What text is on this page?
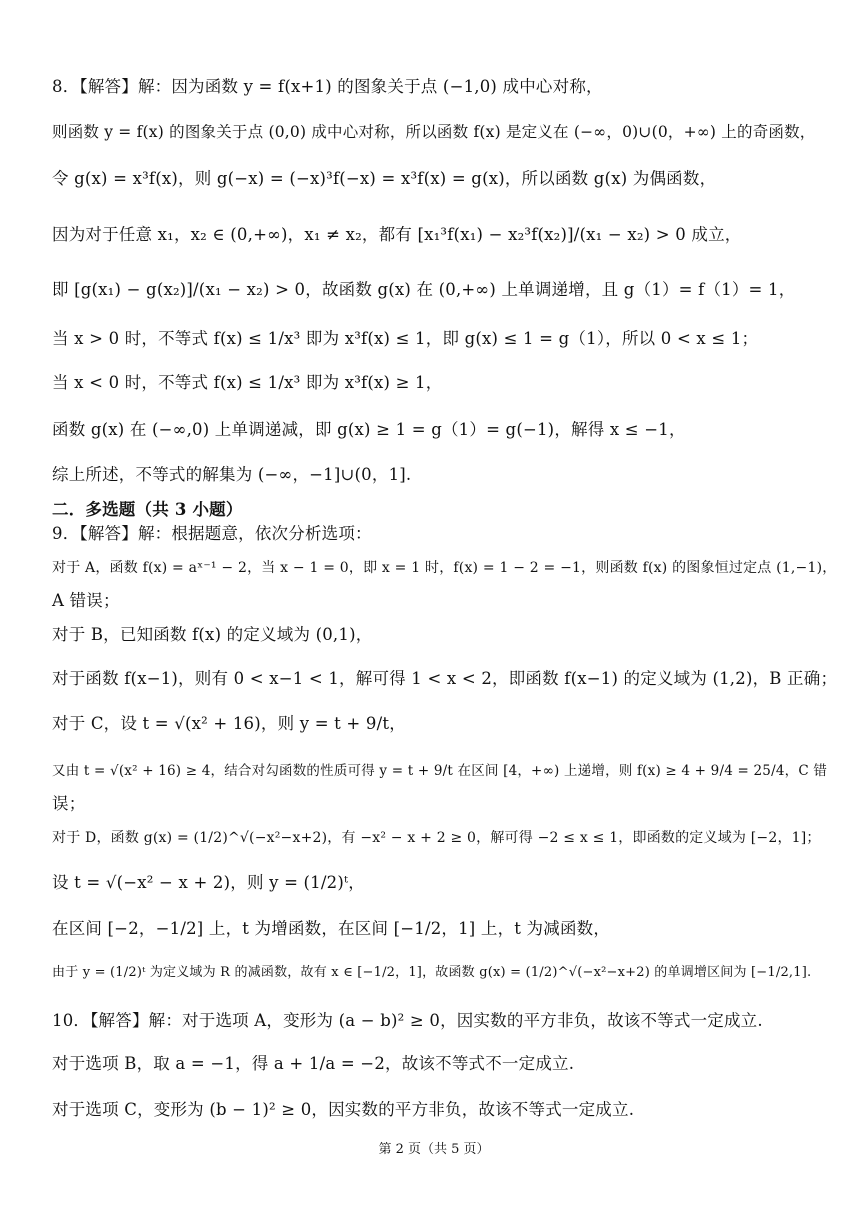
8．【解答】解：因为函数 y = f(x+1) 的图象关于点 (−1,0) 成中心对称，
则函数 y = f(x) 的图象关于点 (0,0) 成中心对称，所以函数 f(x) 是定义在 (−∞，0)∪(0，+∞) 上的奇函数，
令 g(x) = x³f(x)，则 g(−x) = (−x)³f(−x) = x³f(x) = g(x)，所以函数 g(x) 为偶函数，
因为对于任意 x₁，x₂ ∈ (0,+∞)，x₁ ≠ x₂，都有 [x₁³f(x₁) − x₂³f(x₂)]/(x₁ − x₂) > 0 成立，
即 [g(x₁) − g(x₂)]/(x₁ − x₂) > 0，故函数 g(x) 在 (0,+∞) 上单调递增，且 g（1）= f（1）= 1，
当 x > 0 时，不等式 f(x) ≤ 1/x³ 即为 x³f(x) ≤ 1，即 g(x) ≤ 1 = g（1），所以 0 < x ≤ 1；
当 x < 0 时，不等式 f(x) ≤ 1/x³ 即为 x³f(x) ≥ 1，
函数 g(x) 在 (−∞,0) 上单调递减，即 g(x) ≥ 1 = g（1）= g(−1)，解得 x ≤ −1，
综上所述，不等式的解集为 (−∞，−1]∪(0，1].
二．多选题（共 3 小题）
9．【解答】解：根据题意，依次分析选项：
对于 A，函数 f(x) = aˣ⁻¹ − 2，当 x − 1 = 0，即 x = 1 时，f(x) = 1 − 2 = −1，则函数 f(x) 的图象恒过定点 (1,−1)，
A 错误；
对于 B，已知函数 f(x) 的定义域为 (0,1)，
对于函数 f(x−1)，则有 0 < x−1 < 1，解可得 1 < x < 2，即函数 f(x−1) 的定义域为 (1,2)，B 正确；
对于 C，设 t = √(x² + 16)，则 y = t + 9/t，
又由 t = √(x² + 16) ≥ 4，结合对勾函数的性质可得 y = t + 9/t 在区间 [4，+∞) 上递增，则 f(x) ≥ 4 + 9/4 = 25/4，C 错
误；
对于 D，函数 g(x) = (1/2)^√(−x²−x+2)，有 −x² − x + 2 ≥ 0，解可得 −2 ≤ x ≤ 1，即函数的定义域为 [−2，1]；
设 t = √(−x² − x + 2)，则 y = (1/2)ᵗ，
在区间 [−2，−1/2] 上，t 为增函数，在区间 [−1/2，1] 上，t 为减函数，
由于 y = (1/2)ᵗ 为定义域为 R 的减函数，故有 x ∈ [−1/2，1]，故函数 g(x) = (1/2)^√(−x²−x+2) 的单调增区间为 [−1/2,1].
10．【解答】解：对于选项 A，变形为 (a − b)² ≥ 0，因实数的平方非负，故该不等式一定成立.
对于选项 B，取 a = −1，得 a + 1/a = −2，故该不等式不一定成立.
对于选项 C，变形为 (b − 1)² ≥ 0，因实数的平方非负，故该不等式一定成立.
第 2 页（共 5 页）
